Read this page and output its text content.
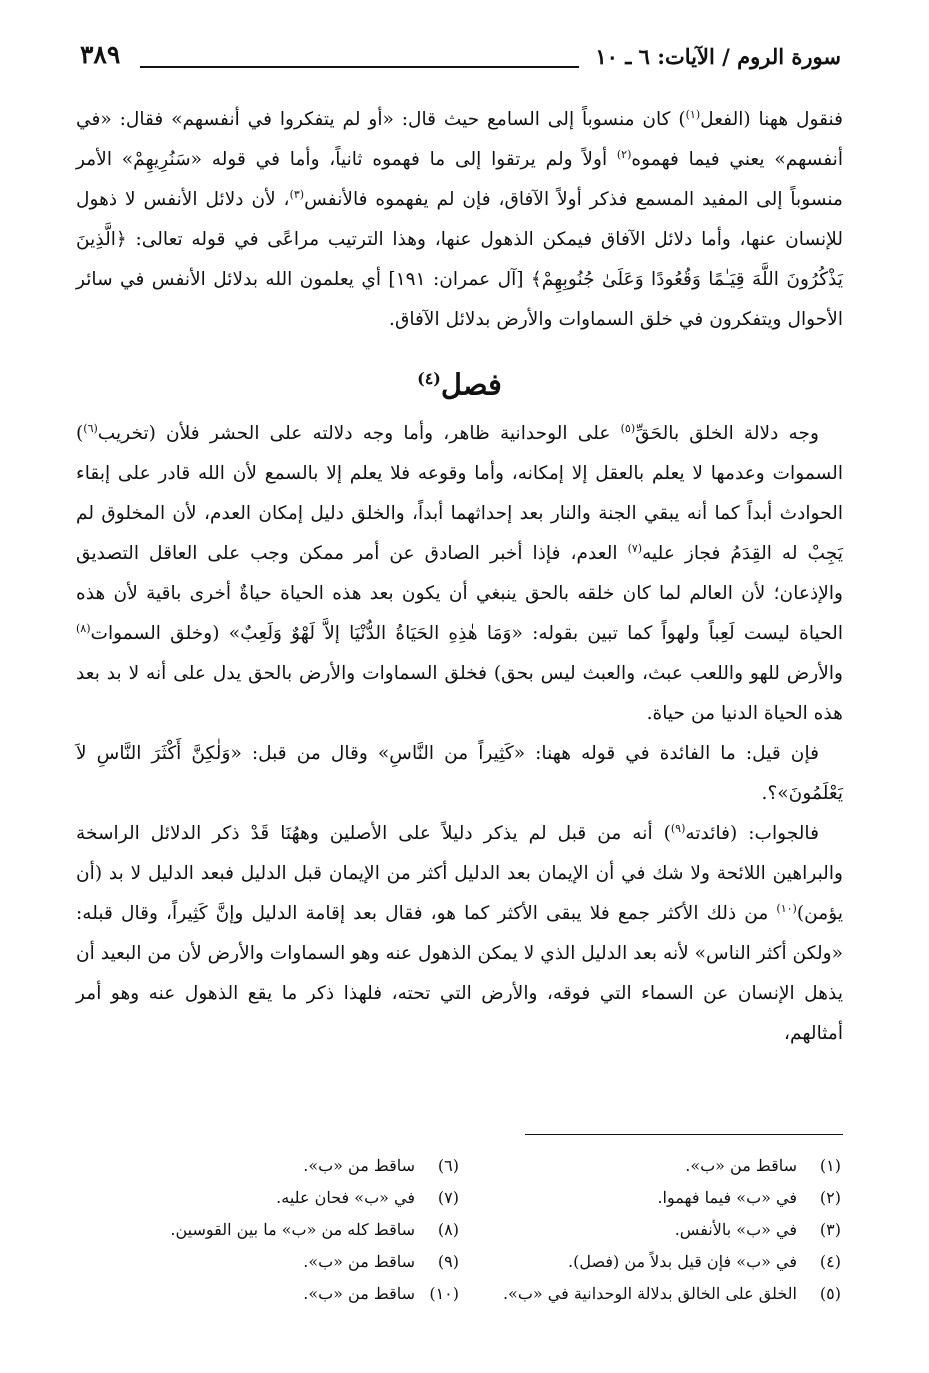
سورة الروم / الآيات: ٦ ـ ١٠
٣٨٩

فنقول ههنا (الفعل$^{(١)}$) كان منسوباً إلى السامع حيث قال: «أو لم يتفكروا في أنفسهم» فقال: «في أنفسهم» يعني فيما فهموه$^{(٢)}$ أولاً ولم يرتقوا إلى ما فهموه ثانياً، وأما في قوله «سَنُرِيهِمْ» الأمر منسوباً إلى المفيد المسمع فذكر أولاً الآفاق، فإن لم يفهموه فالأنفس$^{(٣)}$، لأن دلائل الأنفس لا ذهول للإنسان عنها، وأما دلائل الآفاق فيمكن الذهول عنها، وهذا الترتيب مراعًى في قوله تعالى: ﴿الَّذِينَ يَذْكُرُونَ اللَّهَ قِيَـٰمًا وَقُعُودًا وَعَلَىٰ جُنُوبِهِمْ﴾ [آل عمران: ١٩١] أي يعلمون الله بدلائل الأنفس في سائر الأحوال ويتفكرون في خلق السماوات والأرض بدلائل الآفاق.

فصل$^{(٤)}$

وجه دلالة الخلق بالحَقِّ$^{(٥)}$ على الوحدانية ظاهر، وأما وجه دلالته على الحشر فلأن (تخريب$^{(٦)}$) السموات وعدمها لا يعلم بالعقل إلا إمكانه، وأما وقوعه فلا يعلم إلا بالسمع لأن الله قادر على إبقاء الحوادث أبداً كما أنه يبقي الجنة والنار بعد إحداثهما أبداً، والخلق دليل إمكان العدم، لأن المخلوق لم يَجِبْ له القِدَمُ فجاز عليه$^{(٧)}$ العدم، فإذا أخبر الصادق عن أمر ممكن وجب على العاقل التصديق والإذعان؛ لأن العالم لما كان خلقه بالحق ينبغي أن يكون بعد هذه الحياة حياةٌ أخرى باقية لأن هذه الحياة ليست لَعِباً ولهواً كما تبين بقوله: «وَمَا هٰذِهِ الحَيَاةُ الدُّنْيَا إلاَّ لَهْوٌ وَلَعِبٌ» (وخلق السموات$^{(٨)}$ والأرض للهو واللعب عبث، والعبث ليس بحق) فخلق السماوات والأرض بالحق يدل على أنه لا بد بعد هذه الحياة الدنيا من حياة.

فإن قيل: ما الفائدة في قوله ههنا: «كَثِيراً من النَّاسِ» وقال من قبل: «وَلٰكِنَّ أَكْثَرَ النَّاسِ لاَ يَعْلَمُونَ»؟.

فالجواب: (فائدته$^{(٩)}$) أنه من قبل لم يذكر دليلاً على الأصلين وههُنَا قَدْ ذكر الدلائل الراسخة والبراهين اللائحة ولا شك في أن الإيمان بعد الدليل أكثر من الإيمان قبل الدليل فبعد الدليل لا بد (أن يؤمن)$^{(١٠)}$ من ذلك الأكثر جمع فلا يبقى الأكثر كما هو، فقال بعد إقامة الدليل وإنَّ كَثِيراً، وقال قبله: «ولكن أكثر الناس» لأنه بعد الدليل الذي لا يمكن الذهول عنه وهو السماوات والأرض لأن من البعيد أن يذهل الإنسان عن السماء التي فوقه، والأرض التي تحته، فلهذا ذكر ما يقع الذهول عنه وهو أمر أمثالهم،

(١)ساقط من «ب».
(٢)في «ب» فيما فهموا.
(٣)في «ب» بالأنفس.
(٤)في «ب» فإن قيل بدلاً من (فصل).
(٥)الخلق على الخالق بدلالة الوحدانية في «ب».
(٦)ساقط من «ب».
(٧)في «ب» فحان عليه.
(٨)ساقط كله من «ب» ما بين القوسين.
(٩)ساقط من «ب».
(١٠)ساقط من «ب».
